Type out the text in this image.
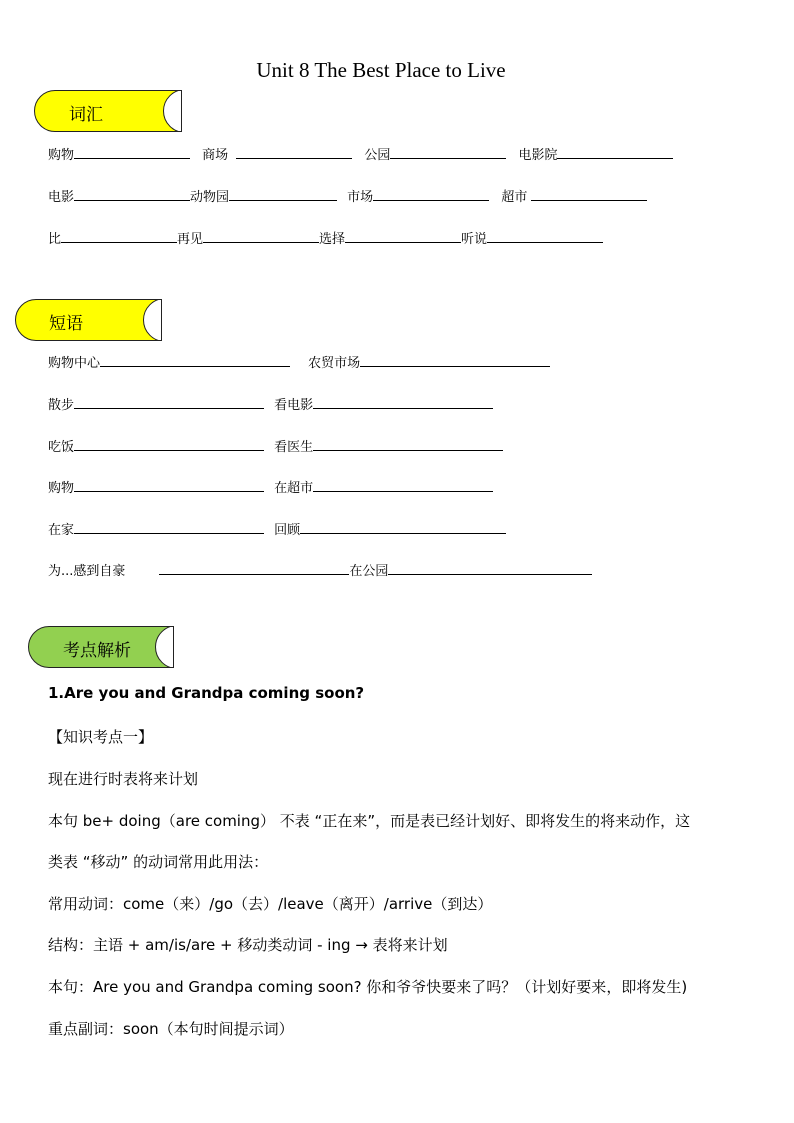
Unit 8 The Best Place to Live
词汇
购物	商场	公园	电影院
电影	动物园	市场	超市
比	再见	选择	听说
短语
购物中心	农贸市场
散步	看电影
吃饭	看医生
购物	在超市
在家	回顾
为...感到自豪	在公园
考点解析
1.Are you and Grandpa coming soon?
【知识考点一】
现在进行时表将来计划
本句 be+ doing（are coming） 不表 “正在来”，而是表已经计划好、即将发生的将来动作，这
类表 “移动” 的动词常用此用法：
常用动词：come（来）/go（去）/leave（离开）/arrive（到达）
结构：主语 + am/is/are + 移动类动词 - ing → 表将来计划
本句：Are you and Grandpa coming soon? 你和爷爷快要来了吗？（计划好要来，即将发生)
重点副词：soon（本句时间提示词）
